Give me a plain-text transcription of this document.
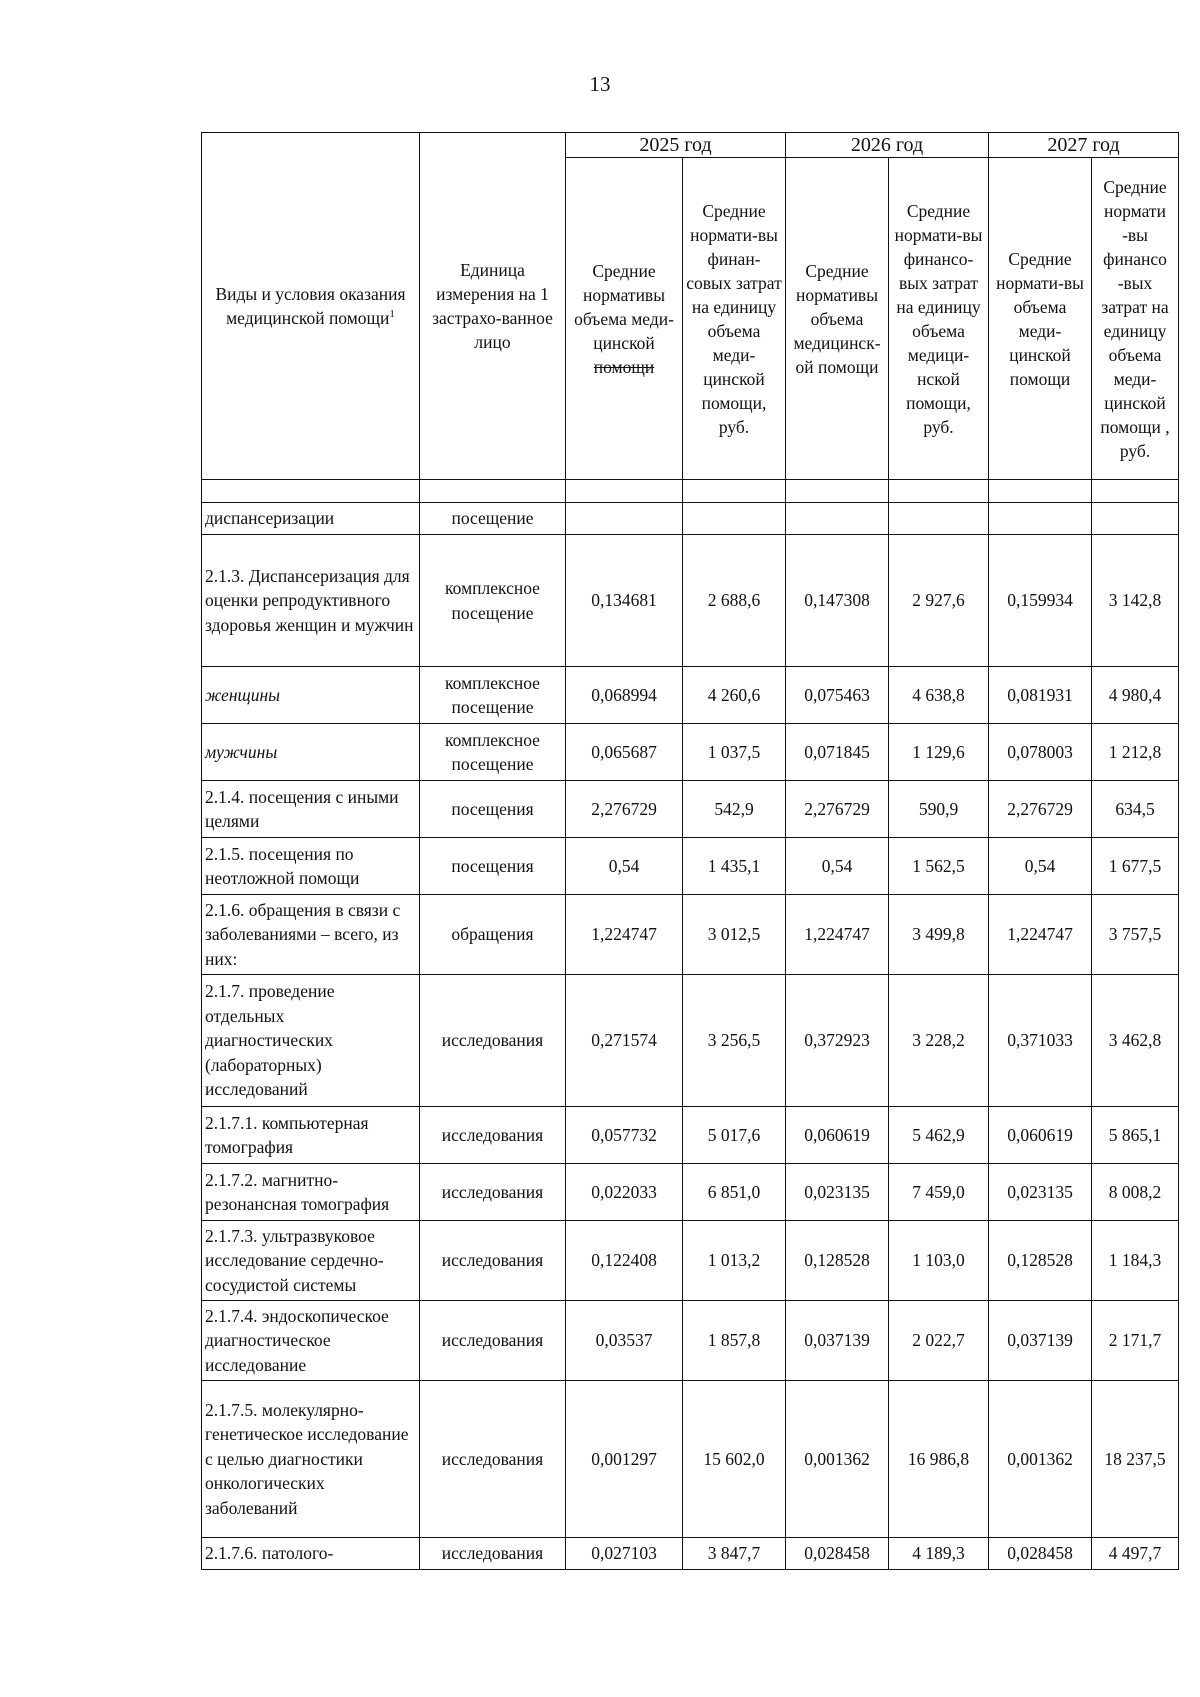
13
Виды и условия оказания медицинской помощи$^1$	Единица измерения на 1 застрахо-ванное лицо	2025 год		2026 год		2027 год	
		Средние нормативы объема меди-цинской помощи	Средние нормати-вы финан-совых затрат на единицу объема меди-цинской помощи, руб.	Средние нормативы объема медицинск-ой помощи	Средние нормати-вы финансо-вых затрат на единицу объема медици-нской помощи, руб.	Средние нормати-вы объема меди-цинской помощи	Средние нормати -вы финансо -вых затрат на единицу объема меди-цинской помощи , руб.

диспансеризации	посещение						
2.1.3. Диспансеризация для оценки репродуктивного здоровья женщин и мужчин	комплексное посещение	0,134681	2 688,6	0,147308	2 927,6	0,159934	3 142,8
женщины	комплексное посещение	0,068994	4 260,6	0,075463	4 638,8	0,081931	4 980,4
мужчины	комплексное посещение	0,065687	1 037,5	0,071845	1 129,6	0,078003	1 212,8
2.1.4. посещения с иными целями	посещения	2,276729	542,9	2,276729	590,9	2,276729	634,5
2.1.5. посещения по неотложной помощи	посещения	0,54	1 435,1	0,54	1 562,5	0,54	1 677,5
2.1.6. обращения в связи с заболеваниями – всего, из них:	обращения	1,224747	3 012,5	1,224747	3 499,8	1,224747	3 757,5
2.1.7. проведение отдельных диагностических (лабораторных) исследований	исследования	0,271574	3 256,5	0,372923	3 228,2	0,371033	3 462,8
2.1.7.1. компьютерная томография	исследования	0,057732	5 017,6	0,060619	5 462,9	0,060619	5 865,1
2.1.7.2. магнитно-резонансная томография	исследования	0,022033	6 851,0	0,023135	7 459,0	0,023135	8 008,2
2.1.7.3. ультразвуковое исследование сердечно-сосудистой системы	исследования	0,122408	1 013,2	0,128528	1 103,0	0,128528	1 184,3
2.1.7.4. эндоскопическое диагностическое исследование	исследования	0,03537	1 857,8	0,037139	2 022,7	0,037139	2 171,7
2.1.7.5. молекулярно-генетическое исследование с целью диагностики онкологических заболеваний	исследования	0,001297	15 602,0	0,001362	16 986,8	0,001362	18 237,5
2.1.7.6. патолого-	исследования	0,027103	3 847,7	0,028458	4 189,3	0,028458	4 497,7
